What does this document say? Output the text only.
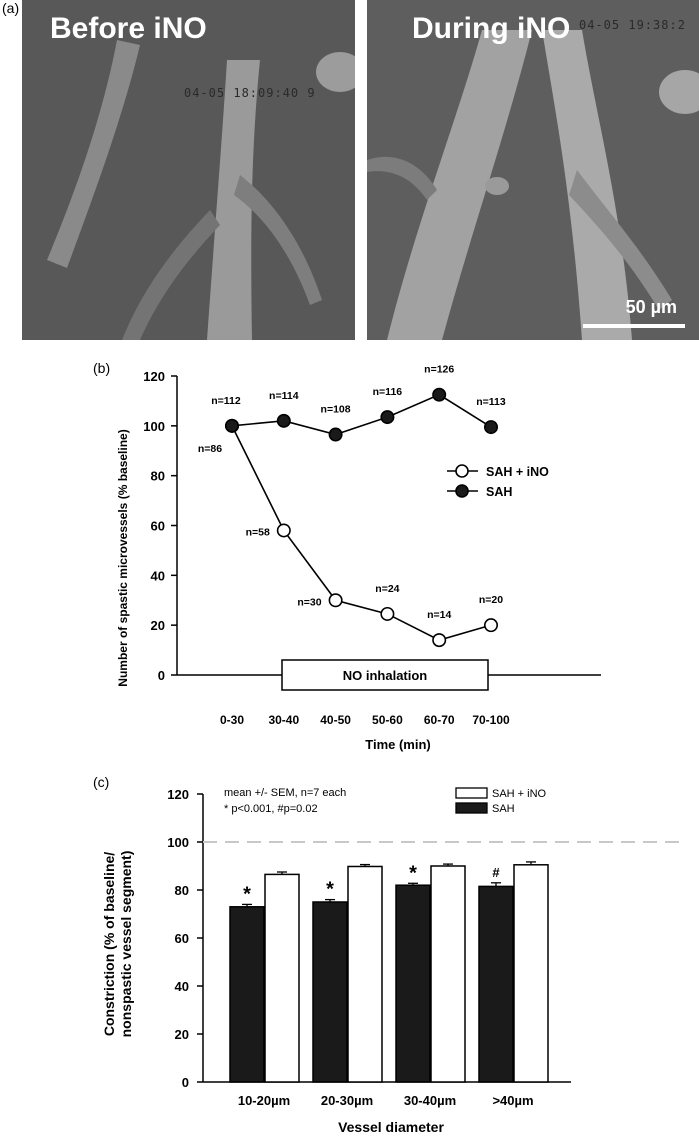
(a)
Before iNO
04-05 18:09:40 9
During iNO 04-05 19:38:2
50 µm
(b)
0
20
40
60
80
100
120
0-30 30-40 40-50 50-60 60-70 70-100
NO inhalation
n=86
n=58
n=30
n=24
n=14
n=20
n=112	n=114
n=108
n=116
n=126
n=113
SAH + iNO
SAH
Time (min)
Number of spastic microvessels (% baseline)
(c)
mean +/- SEM, n=7 each
* p<0.001, #p=0.02
0
20
40
60
80
100
120
*
10-20µm
*
20-30µm
*
30-40µm
#
>40µm
SAH + iNO
SAH
Vessel diameter
Constriction (% of baseline/ nonspastic vessel segment)
